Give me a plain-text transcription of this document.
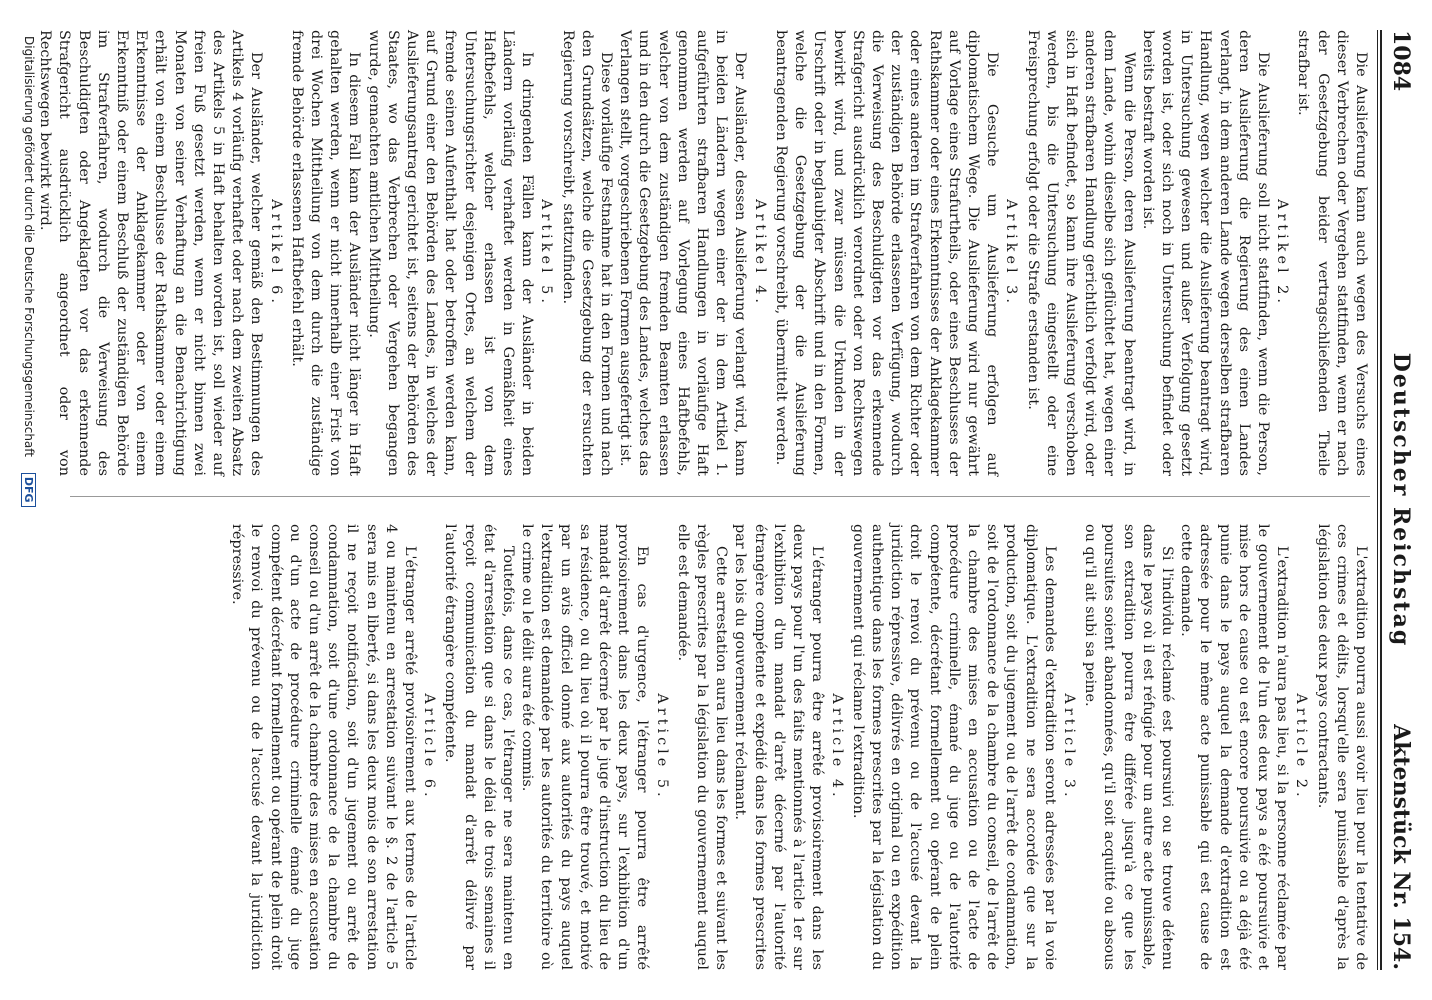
1084
Deutscher Reichstag
Aktenstück Nr. 154.

Die Auslieferung kann auch wegen des Versuchs eines dieser Verbrechen oder Vergehen stattfinden, wenn er nach der Gesetzgebung beider vertragschließenden Theile strafbar ist.

Artikel 2.

Die Auslieferung soll nicht stattfinden, wenn die Person, deren Auslieferung die Regierung des einen Landes verlangt, in dem anderen Lande wegen derselben strafbaren Handlung, wegen welcher die Auslieferung beantragt wird, in Untersuchung gewesen und außer Verfolgung gesetzt worden ist, oder sich noch in Untersuchung befindet oder bereits bestraft worden ist.

Wenn die Person, deren Auslieferung beantragt wird, in dem Lande, wohin dieselbe sich geflüchtet hat, wegen einer anderen strafbaren Handlung gerichtlich verfolgt wird, oder sich in Haft befindet, so kann ihre Auslieferung verschoben werden, bis die Untersuchung eingestellt oder eine Freisprechung erfolgt oder die Strafe erstanden ist.

Artikel 3.

Die Gesuche um Auslieferung erfolgen auf diplomatischem Wege. Die Auslieferung wird nur gewährt auf Vorlage eines Strafurtheils, oder eines Beschlusses der Rathskammer oder eines Erkenntnisses der Anklagekammer oder eines anderen im Strafverfahren von dem Richter oder der zuständigen Behörde erlassenen Verfügung, wodurch die Verweisung des Beschuldigten vor das erkennende Strafgericht ausdrücklich verordnet oder von Rechtswegen bewirkt wird, und zwar müssen die Urkunden in der Urschrift oder in beglaubigter Abschrift und in den Formen, welche die Gesetzgebung der die Auslieferung beantragenden Regierung vorschreibt, übermittelt werden.

Artikel 4.

Der Ausländer, dessen Auslieferung verlangt wird, kann in beiden Ländern wegen einer der in dem Artikel 1. aufgeführten strafbaren Handlungen in vorläufige Haft genommen werden auf Vorlegung eines Haftbefehls, welcher von dem zuständigen fremden Beamten erlassen und in den durch die Gesetzgebung des Landes, welches das Verlangen stellt, vorgeschriebenen Formen ausgefertigt ist.

Diese vorläufige Festnahme hat in den Formen und nach den Grundsätzen, welche die Gesetzgebung der ersuchten Regierung vorschreibt, stattzufinden.

Artikel 5.

In dringenden Fällen kann der Ausländer in beiden Ländern vorläufig verhaftet werden in Gemäßheit eines Haftbefehls, welcher erlassen ist von dem Untersuchungsrichter desjenigen Ortes, an welchem der fremde seinen Aufenthalt hat oder betroffen werden kann, auf Grund einer den Behörden des Landes, in welches der Auslieferungsantrag gerichtet ist, seitens der Behörden des Staates, wo das Verbrechen oder Vergehen begangen wurde, gemachten amtlichen Mittheilung.

In diesem Fall kann der Ausländer nicht länger in Haft gehalten werden, wenn er nicht innerhalb einer Frist von drei Wochen Mittheilung von dem durch die zuständige fremde Behörde erlassenen Haftbefehl erhält.

Artikel 6.

Der Ausländer, welcher gemäß den Bestimmungen des Artikels 4 vorläufig verhaftet oder nach dem zweiten Absatz des Artikels 5 in Haft behalten worden ist, soll wieder auf freien Fuß gesetzt werden, wenn er nicht binnen zwei Monaten von seiner Verhaftung an die Benachrichtigung erhält von einem Beschlusse der Rathskammer oder einem Erkenntnisse der Anklagekammer oder von einem Erkenntniß oder einem Beschluß der zuständigen Behörde im Strafverfahren, wodurch die Verweisung des Beschuldigten oder Angeklagten vor das erkennende Strafgericht ausdrücklich angeordnet oder von Rechtswegen bewirkt wird.

L'extradition pourra aussi avoir lieu pour la tentative de ces crimes et délits, lorsqu'elle sera punissable d'après la législation des deux pays contractants.

Article 2.

L'extradition n'aura pas lieu, si la personne réclamée par le gouvernement de l'un des deux pays a été poursuivie et mise hors de cause ou est encore poursuivie ou a déjà été punie dans le pays auquel la demande d'extradition est adressée pour le même acte punissable qui est cause de cette demande.

Si l'individu réclamé est poursuivi ou se trouve détenu dans le pays où il est réfugié pour un autre acte punissable, son extradition pourra être différée jusqu'à ce que les poursuites soient abandonnées, qu'il soit acquitté ou absous ou qu'il ait subi sa peine.

Article 3.

Les demandes d'extradition seront adressées par la voie diplomatique. L'extradition ne sera accordée que sur la production, soit du jugement ou de l'arrêt de condamnation, soit de l'ordonnance de la chambre du conseil, de l'arrêt de la chambre des mises en accusation ou de l'acte de procédure criminelle, émané du juge ou de l'autorité compétente, décrétant formellement ou opérant de plein droit le renvoi du prévenu ou de l'accusé devant la juridiction répressive, délivrés en original ou en expédition authentique dans les formes prescrites par la législation du gouvernement qui réclame l'extradition.

Article 4.

L'étranger pourra être arrêté provisoirement dans les deux pays pour l'un des faits mentionnés à l'article 1er sur l'exhibition d'un mandat d'arrêt décerné par l'autorité étrangère compétente et expédié dans les formes prescrites par les lois du gouvernement réclamant.

Cette arrestation aura lieu dans les formes et suivant les règles prescrites par la législation du gouvernement auquel elle est demandée.

Article 5.

En cas d'urgence, l'étranger pourra être arrêté provisoirement dans les deux pays, sur l'exhibition d'un mandat d'arrêt décerné par le juge d'instruction du lieu de sa résidence, ou du lieu où il pourra être trouvé, et motivé par un avis officiel donné aux autorités du pays auquel l'extradition est demandée par les autorités du territoire où le crime ou le délit aura été commis.

Toutefois, dans ce cas, l'étranger ne sera maintenu en état d'arrestation que si dans le délai de trois semaines il reçoit communication du mandat d'arrêt délivré par l'autorité étrangère compétente.

Article 6.

L'étranger arrêté provisoirement aux termes de l'article 4 ou maintenu en arrestation suivant le §. 2 de l'article 5 sera mis en liberté, si dans les deux mois de son arrestation il ne reçoit notification, soit d'un jugement ou arrêt de condamnation, soit d'une ordonnance de la chambre du conseil ou d'un arrêt de la chambre des mises en accusation ou d'un acte de procédure criminelle émané du juge compétent décrétant formellement ou opérant de plein droit le renvoi du prévenu ou de l'accusé devant la juridiction répressive.

Digitalisierung gefördert durch die Deutsche Forschungsgemeinschaft DFG
